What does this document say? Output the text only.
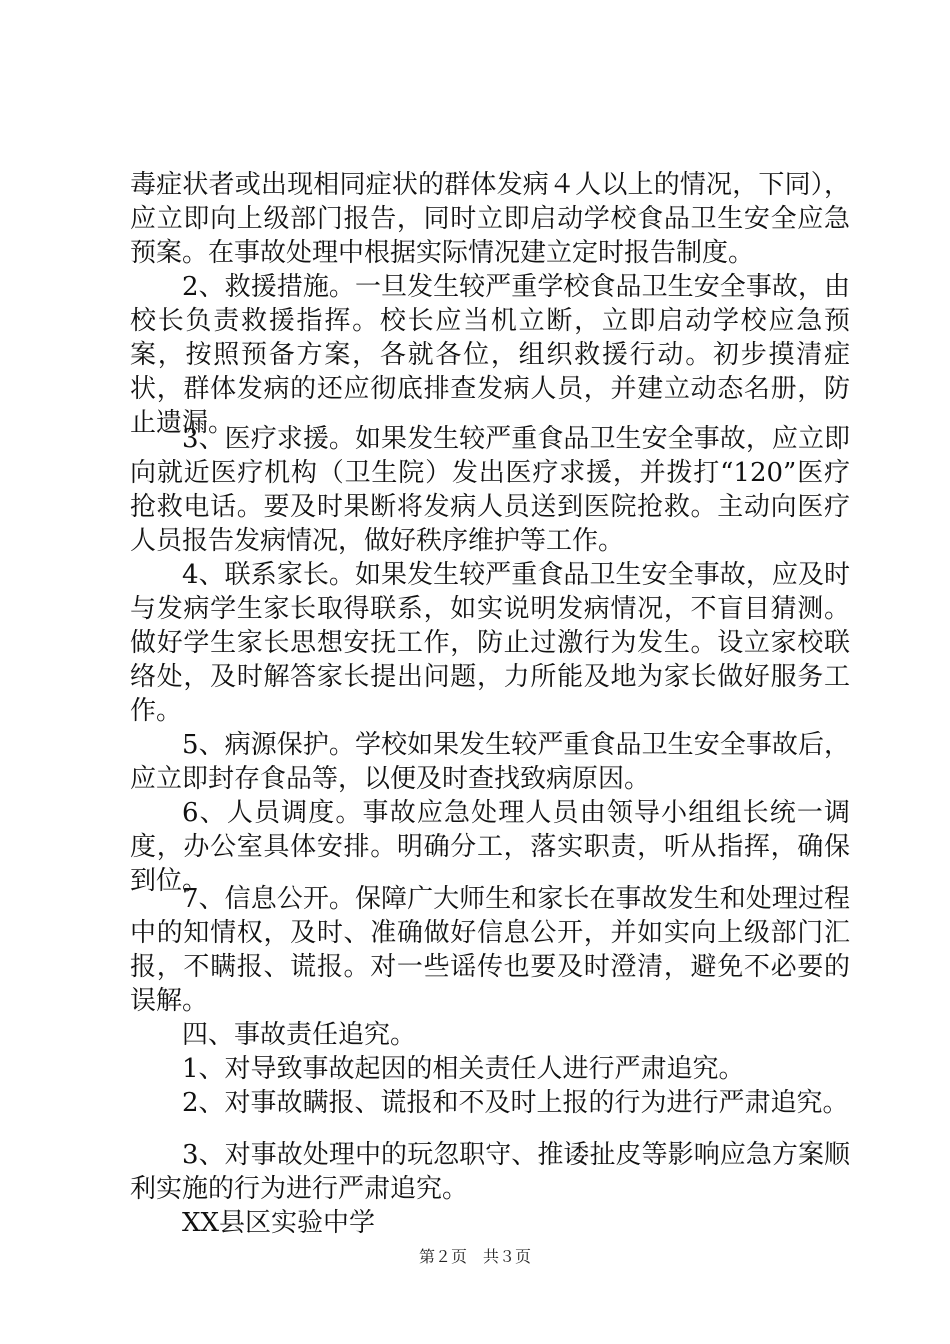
毒症状者或出现相同症状的群体发病４人以上的情况，下同），应立即向上级部门报告，同时立即启动学校食品卫生安全应急预案。在事故处理中根据实际情况建立定时报告制度。

2、救援措施。一旦发生较严重学校食品卫生安全事故，由校长负责救援指挥。校长应当机立断，立即启动学校应急预案，按照预备方案，各就各位，组织救援行动。初步摸清症状，群体发病的还应彻底排查发病人员，并建立动态名册，防止遗漏。

3、医疗求援。如果发生较严重食品卫生安全事故，应立即向就近医疗机构（卫生院）发出医疗求援，并拨打“120”医疗抢救电话。要及时果断将发病人员送到医院抢救。主动向医疗人员报告发病情况，做好秩序维护等工作。

4、联系家长。如果发生较严重食品卫生安全事故，应及时与发病学生家长取得联系，如实说明发病情况，不盲目猜测。做好学生家长思想安抚工作，防止过激行为发生。设立家校联络处，及时解答家长提出问题，力所能及地为家长做好服务工作。

5、病源保护。学校如果发生较严重食品卫生安全事故后，应立即封存食品等，以便及时查找致病原因。

6、人员调度。事故应急处理人员由领导小组组长统一调度，办公室具体安排。明确分工，落实职责，听从指挥，确保到位。

7、信息公开。保障广大师生和家长在事故发生和处理过程中的知情权，及时、准确做好信息公开，并如实向上级部门汇报，不瞒报、谎报。对一些谣传也要及时澄清，避免不必要的误解。

四、事故责任追究。

1、对导致事故起因的相关责任人进行严肃追究。

2、对事故瞒报、谎报和不及时上报的行为进行严肃追究。

3、对事故处理中的玩忽职守、推诿扯皮等影响应急方案顺利实施的行为进行严肃追究。

XX县区实验中学

第２页　共３页
